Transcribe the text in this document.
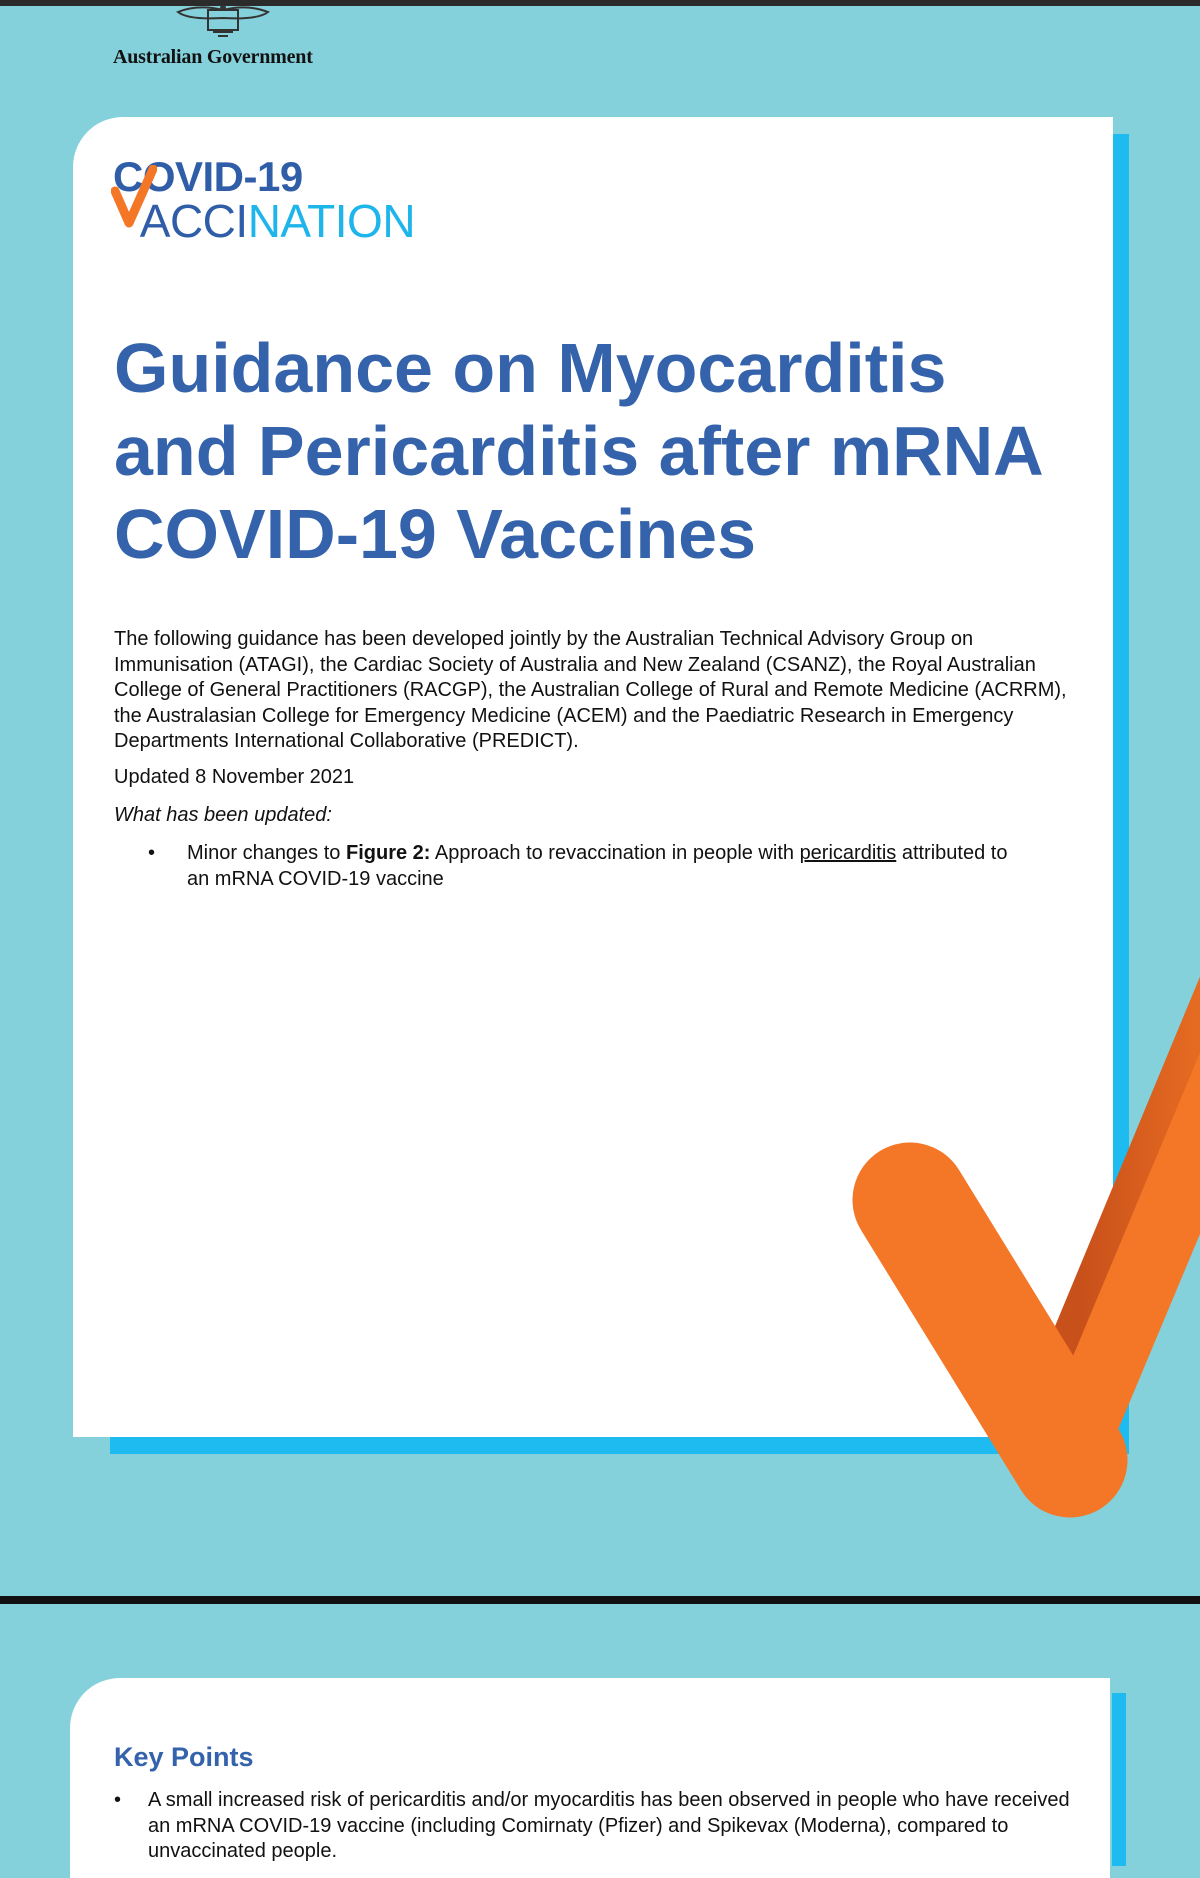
Australian Government
COVID-19
ACCINATION
Guidance on Myocarditis and Pericarditis after mRNA COVID-19 Vaccines

The following guidance has been developed jointly by the Australian Technical Advisory Group on Immunisation (ATAGI), the Cardiac Society of Australia and New Zealand (CSANZ), the Royal Australian College of General Practitioners (RACGP), the Australian College of Rural and Remote Medicine (ACRRM), the Australasian College for Emergency Medicine (ACEM) and the Paediatric Research in Emergency Departments International Collaborative (PREDICT).

Updated 8 November 2021
What has been updated:
• Minor changes to Figure 2: Approach to revaccination in people with pericarditis attributed to an mRNA COVID-19 vaccine
Key Points
• A small increased risk of pericarditis and/or myocarditis has been observed in people who have received an mRNA COVID-19 vaccine (including Comirnaty (Pfizer) and Spikevax (Moderna), compared to unvaccinated people.
